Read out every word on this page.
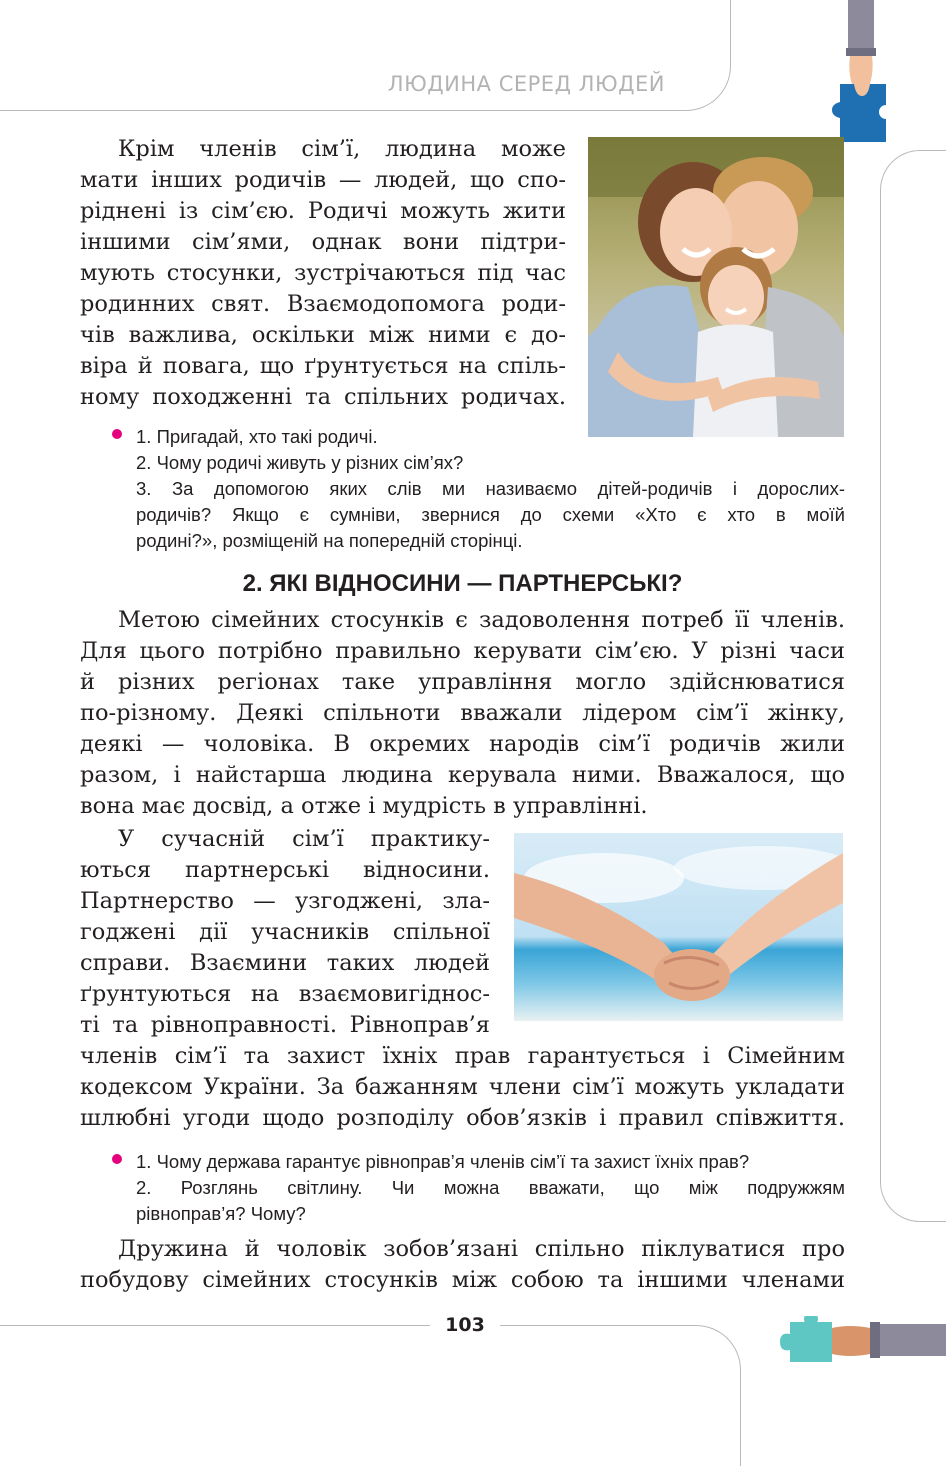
ЛЮДИНА СЕРЕД ЛЮДЕЙ

Крім членів сім’ї, людина може

мати інших родичів — людей, що спо-

ріднені із сім’єю. Родичі можуть жити

іншими сім’ями, однак вони підтри-

мують стосунки, зустрічаються під час

родинних свят. Взаємодопомога роди-

чів важлива, оскільки між ними є до-

віра й повага, що ґрунтується на спіль-

ному походженні та спільних родичах.

1. Пригадай, хто такі родичі.

2. Чому родичі живуть у різних сім’ях?

3. За допомогою яких слів ми називаємо дітей-родичів і дорослих-
родичів? Якщо є сумніви, звернися до схеми «Хто є хто в моїй
родині?», розміщеній на попередній сторінці.

2. ЯКІ ВІДНОСИНИ — ПАРТНЕРСЬКІ?

Метою сімейних стосунків є задоволення потреб її членів.

Для цього потрібно правильно керувати сім’єю. У різні часи

й різних регіонах таке управління могло здійснюватися

по-різному. Деякі спільноти вважали лідером сім’ї жінку,

деякі — чоловіка. В окремих народів сім’ї родичів жили

разом, і найстарша людина керувала ними. Вважалося, що

вона має досвід, а отже і мудрість в управлінні.

У сучасній сім’ї практику-

ються партнерські відносини.

Партнерство — узгоджені, зла-

годжені дії учасників спільної

справи. Взаємини таких людей

ґрунтуються на взаємовигіднос-

ті та рівноправності. Рівноправ’я

членів сім’ї та захист їхніх прав гарантується і Сімейним

кодексом України. За бажанням члени сім’ї можуть укладати

шлюбні угоди щодо розподілу обов’язків і правил співжиття.

1. Чому держава гарантує рівноправ’я членів сім’ї та захист їхніх прав?

2. Розглянь світлину. Чи можна вважати, що між подружжям
рівноправ’я? Чому?

Дружина й чоловік зобов’язані спільно піклуватися про

побудову сімейних стосунків між собою та іншими членами

103
